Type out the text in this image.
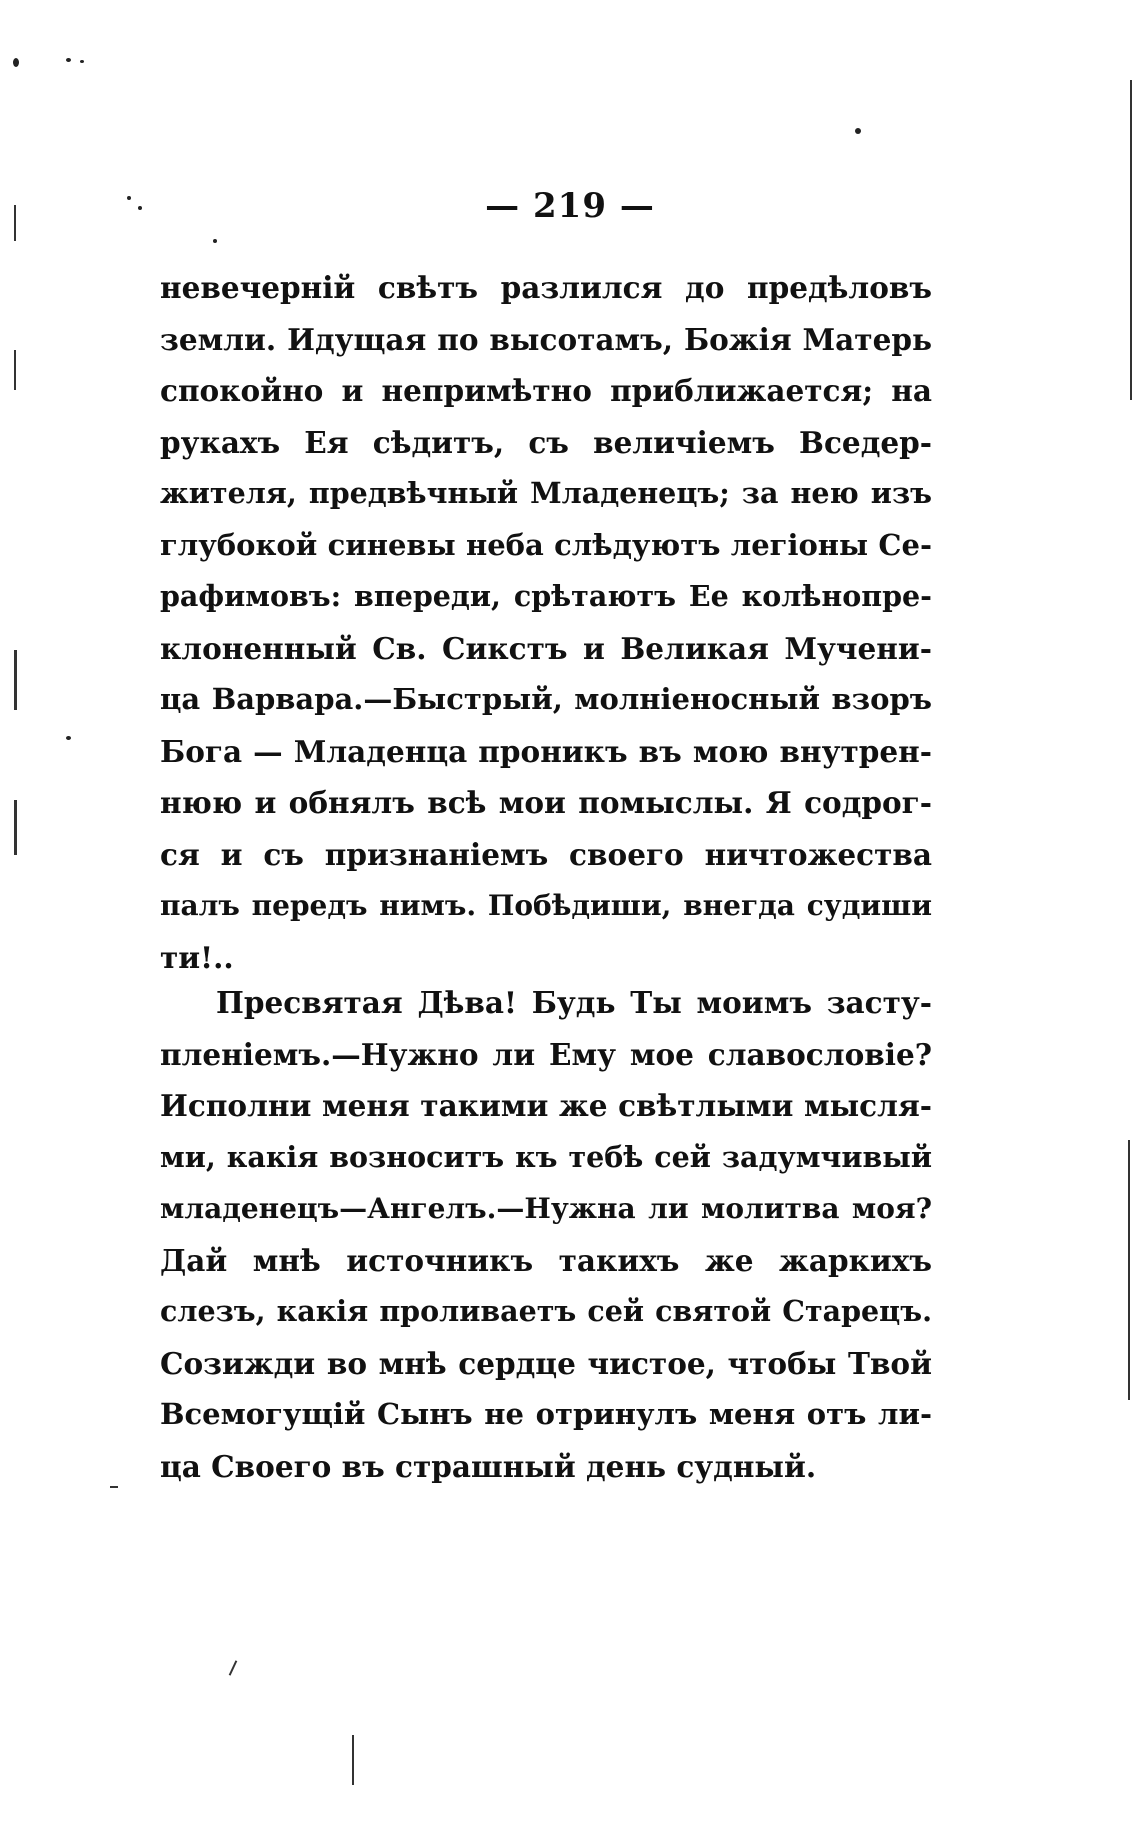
— 219 —
невечерній свѣтъ разлился до предѣловъ
земли. Идущая по высотамъ, Божія Матерь
спокойно и непримѣтно приближается; на
рукахъ Ея сѣдитъ, съ величіемъ Вседер-
жителя, предвѣчный Младенецъ; за нею изъ
глубокой синевы неба слѣдуютъ легіоны Се-
рафимовъ: впереди, срѣтаютъ Ее колѣнопре-
клоненный Св. Сикстъ и Великая Мучени-
ца Варвара.—Быстрый, молніеносный взоръ
Бога — Младенца проникъ въ мою внутрен-
нюю и обнялъ всѣ мои помыслы. Я содрог-
ся и съ признаніемъ своего ничтожества
палъ передъ нимъ. Побѣдиши, внегда судиши
ти!..
Пресвятая Дѣва! Будь Ты моимъ засту-
пленіемъ.—Нужно ли Ему мое славословіе?
Исполни меня такими же свѣтлыми мысля-
ми, какія возноситъ къ тебѣ сей задумчивый
младенецъ—Ангелъ.—Нужна ли молитва моя?
Дай мнѣ источникъ такихъ же жаркихъ
слезъ, какія проливаетъ сей святой Старецъ.
Созижди во мнѣ сердце чистое, чтобы Твой
Всемогущій Сынъ не отринулъ меня отъ ли-
ца Своего въ страшный день судный.
